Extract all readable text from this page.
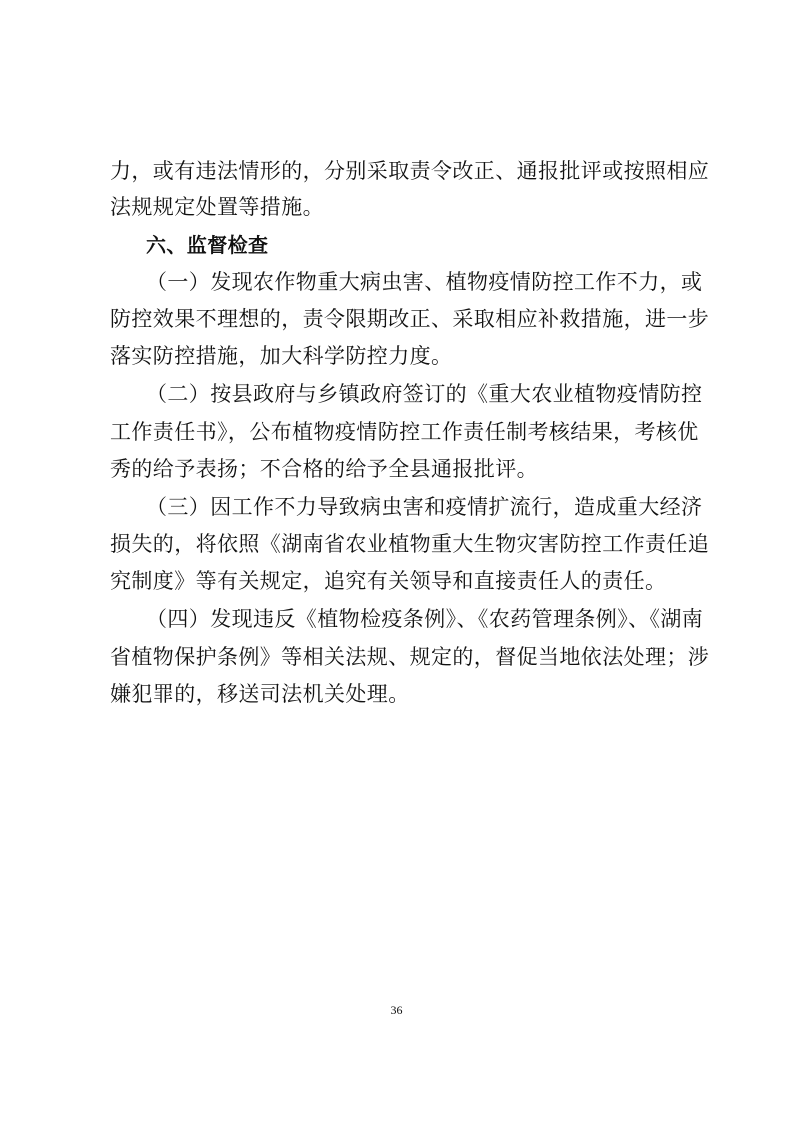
力，或有违法情形的，分别采取责令改正、通报批评或按照相应
法规规定处置等措施。
六、监督检查
（一）发现农作物重大病虫害、植物疫情防控工作不力，或
防控效果不理想的，责令限期改正、采取相应补救措施，进一步
落实防控措施，加大科学防控力度。
（二）按县政府与乡镇政府签订的《重大农业植物疫情防控
工作责任书》，公布植物疫情防控工作责任制考核结果，考核优
秀的给予表扬；不合格的给予全县通报批评。
（三）因工作不力导致病虫害和疫情扩流行，造成重大经济
损失的，将依照《湖南省农业植物重大生物灾害防控工作责任追
究制度》等有关规定，追究有关领导和直接责任人的责任。
（四）发现违反《植物检疫条例》、《农药管理条例》、《湖南
省植物保护条例》等相关法规、规定的，督促当地依法处理；涉
嫌犯罪的，移送司法机关处理。
36
